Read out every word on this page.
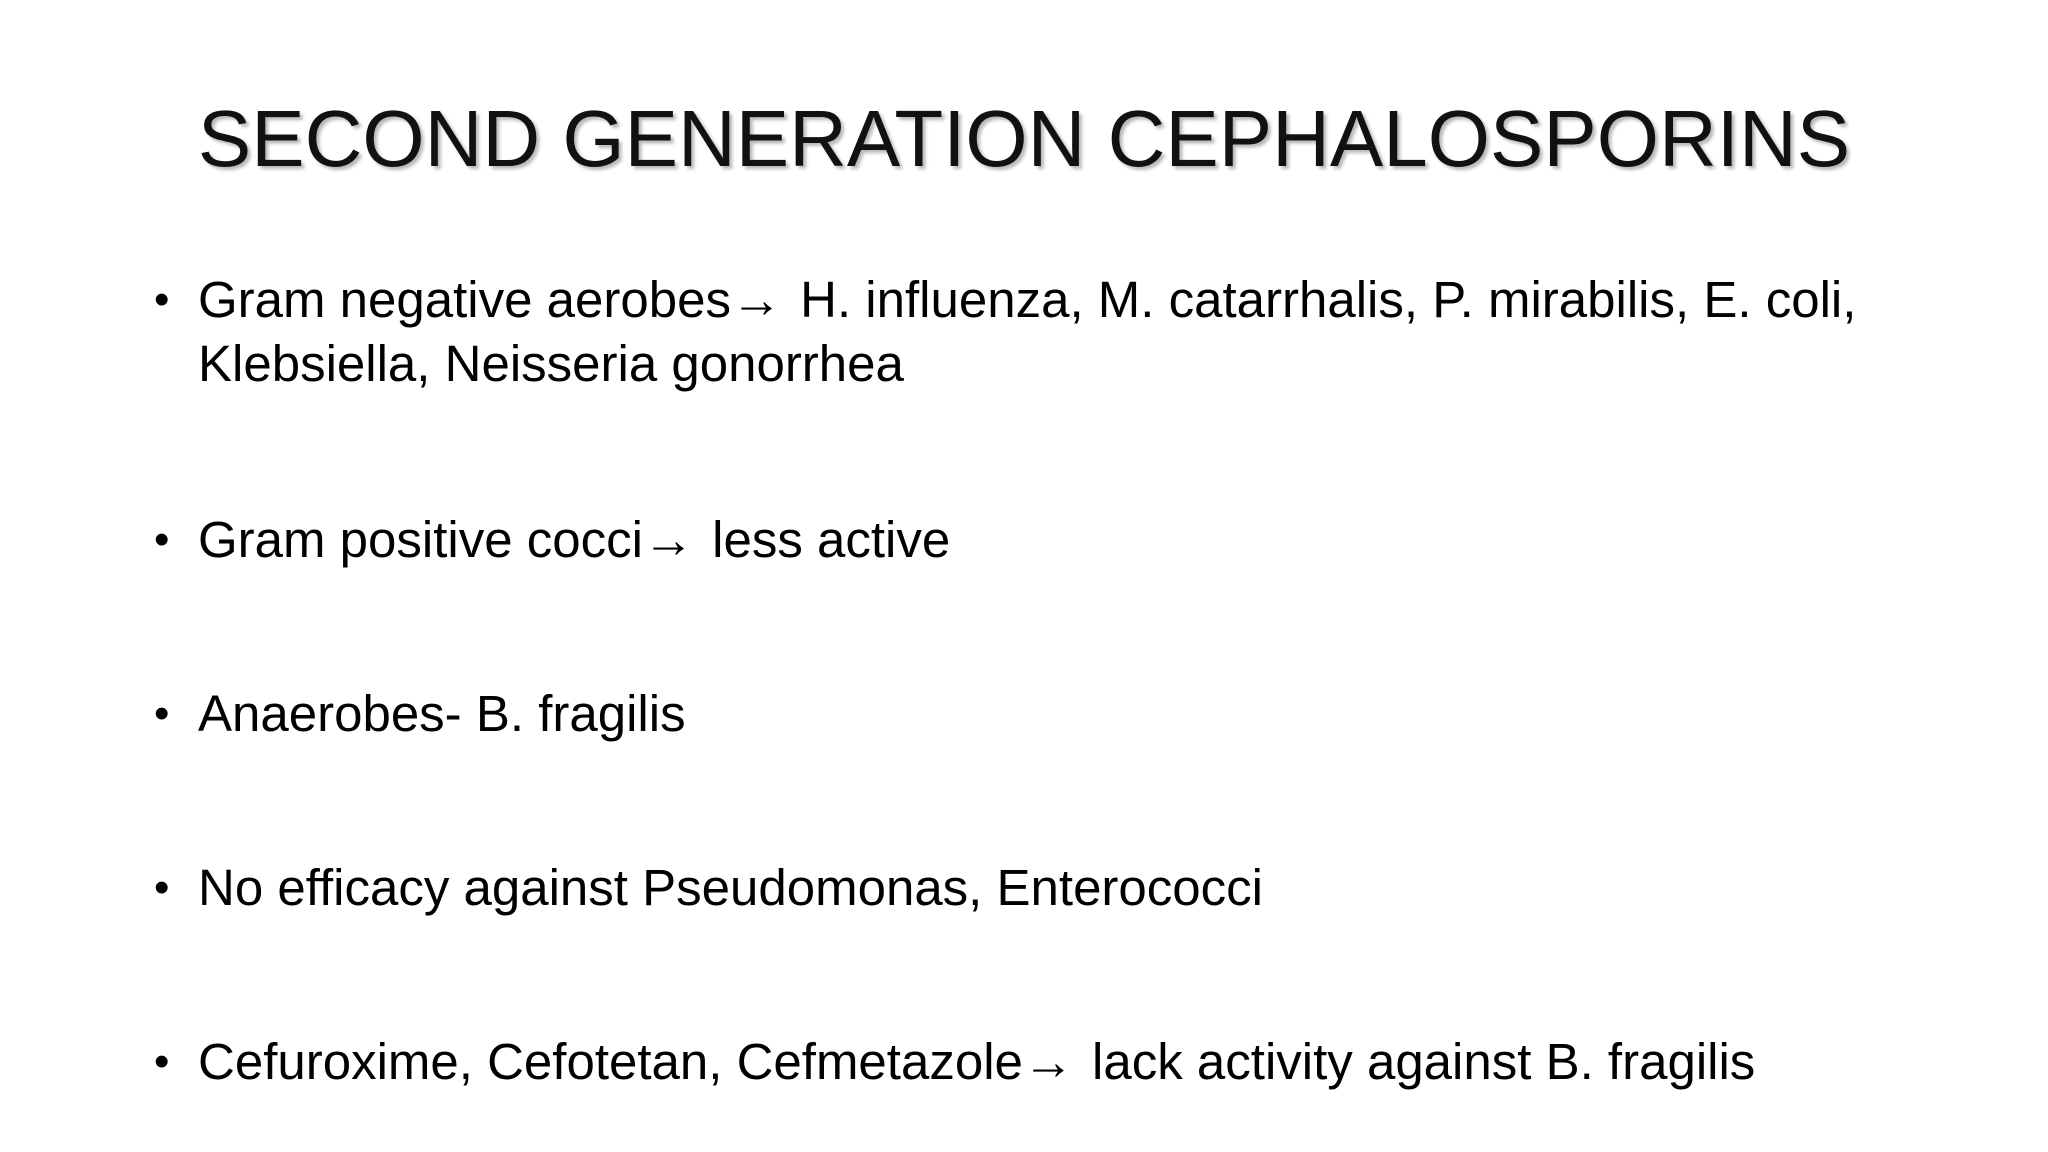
SECOND GENERATION CEPHALOSPORINS
• Gram negative aerobes→ H. influenza, M. catarrhalis, P. mirabilis, E. coli, Klebsiella, Neisseria gonorrhea
• Gram positive cocci→ less active
• Anaerobes- B. fragilis
• No efficacy against Pseudomonas, Enterococci
• Cefuroxime, Cefotetan, Cefmetazole→ lack activity against B. fragilis
